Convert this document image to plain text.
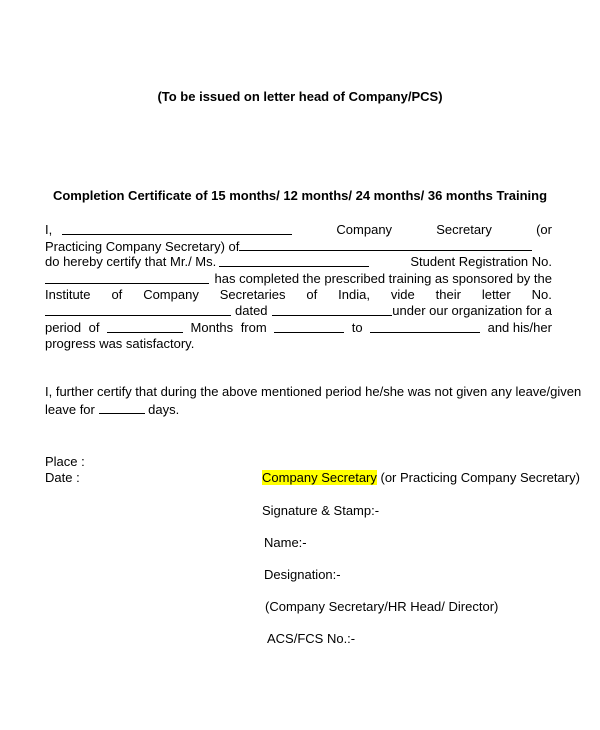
(To be issued on letter head of Company/PCS)
Completion Certificate of 15 months/ 12 months/ 24 months/ 36 months Training
I,	Company	Secretary	(or
Practicing Company Secretary) of
do hereby certify that Mr./ Ms.	Student Registration No.
has completed the prescribed training as sponsored by the
Institute of Company Secretaries of India, vide their letter No.
dated	under our organization for a
period of	Months from	to	and his/her
progress was satisfactory.
I, further certify that during the above mentioned period he/she was not given any leave/given
leave for	days.
Place :
Date :	Company Secretary (or Practicing Company Secretary)
Signature & Stamp:-
Name:-
Designation:-
(Company Secretary/HR Head/ Director)
ACS/FCS No.:-
